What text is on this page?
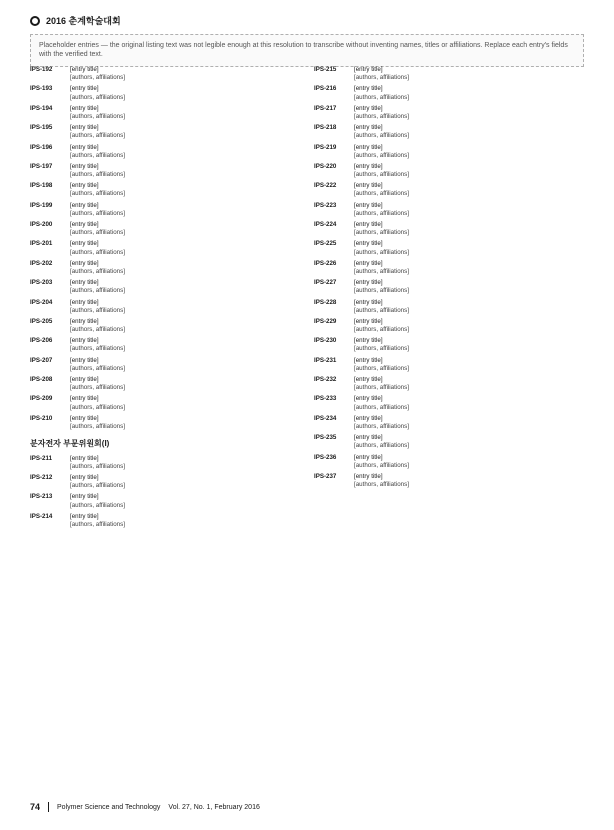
2016 춘계학술대회
Placeholder entries — the original listing text was not legible enough at this resolution to transcribe without inventing names, titles or affiliations. Replace each entry's fields with the verified text.
IPS-192	[entry title]
[authors, affiliations]
IPS-193	[entry title]
[authors, affiliations]
IPS-194	[entry title]
[authors, affiliations]
IPS-195	[entry title]
[authors, affiliations]
IPS-196	[entry title]
[authors, affiliations]
IPS-197	[entry title]
[authors, affiliations]
IPS-198	[entry title]
[authors, affiliations]
IPS-199	[entry title]
[authors, affiliations]
IPS-200	[entry title]
[authors, affiliations]
IPS-201	[entry title]
[authors, affiliations]
IPS-202	[entry title]
[authors, affiliations]
IPS-203	[entry title]
[authors, affiliations]
IPS-204	[entry title]
[authors, affiliations]
IPS-205	[entry title]
[authors, affiliations]
IPS-206	[entry title]
[authors, affiliations]
IPS-207	[entry title]
[authors, affiliations]
IPS-208	[entry title]
[authors, affiliations]
IPS-209	[entry title]
[authors, affiliations]
IPS-210	[entry title]
[authors, affiliations]
분자전자 부문위원회(I)
IPS-211	[entry title]
[authors, affiliations]
IPS-212	[entry title]
[authors, affiliations]
IPS-213	[entry title]
[authors, affiliations]
IPS-214	[entry title]
[authors, affiliations]
IPS-215	[entry title]
[authors, affiliations]
IPS-216	[entry title]
[authors, affiliations]
IPS-217	[entry title]
[authors, affiliations]
IPS-218	[entry title]
[authors, affiliations]
IPS-219	[entry title]
[authors, affiliations]
IPS-220	[entry title]
[authors, affiliations]
IPS-222	[entry title]
[authors, affiliations]
IPS-223	[entry title]
[authors, affiliations]
IPS-224	[entry title]
[authors, affiliations]
IPS-225	[entry title]
[authors, affiliations]
IPS-226	[entry title]
[authors, affiliations]
IPS-227	[entry title]
[authors, affiliations]
IPS-228	[entry title]
[authors, affiliations]
IPS-229	[entry title]
[authors, affiliations]
IPS-230	[entry title]
[authors, affiliations]
IPS-231	[entry title]
[authors, affiliations]
IPS-232	[entry title]
[authors, affiliations]
IPS-233	[entry title]
[authors, affiliations]
IPS-234	[entry title]
[authors, affiliations]
IPS-235	[entry title]
[authors, affiliations]
IPS-236	[entry title]
[authors, affiliations]
IPS-237	[entry title]
[authors, affiliations]
74 Polymer Science and Technology Vol. 27, No. 1, February 2016
